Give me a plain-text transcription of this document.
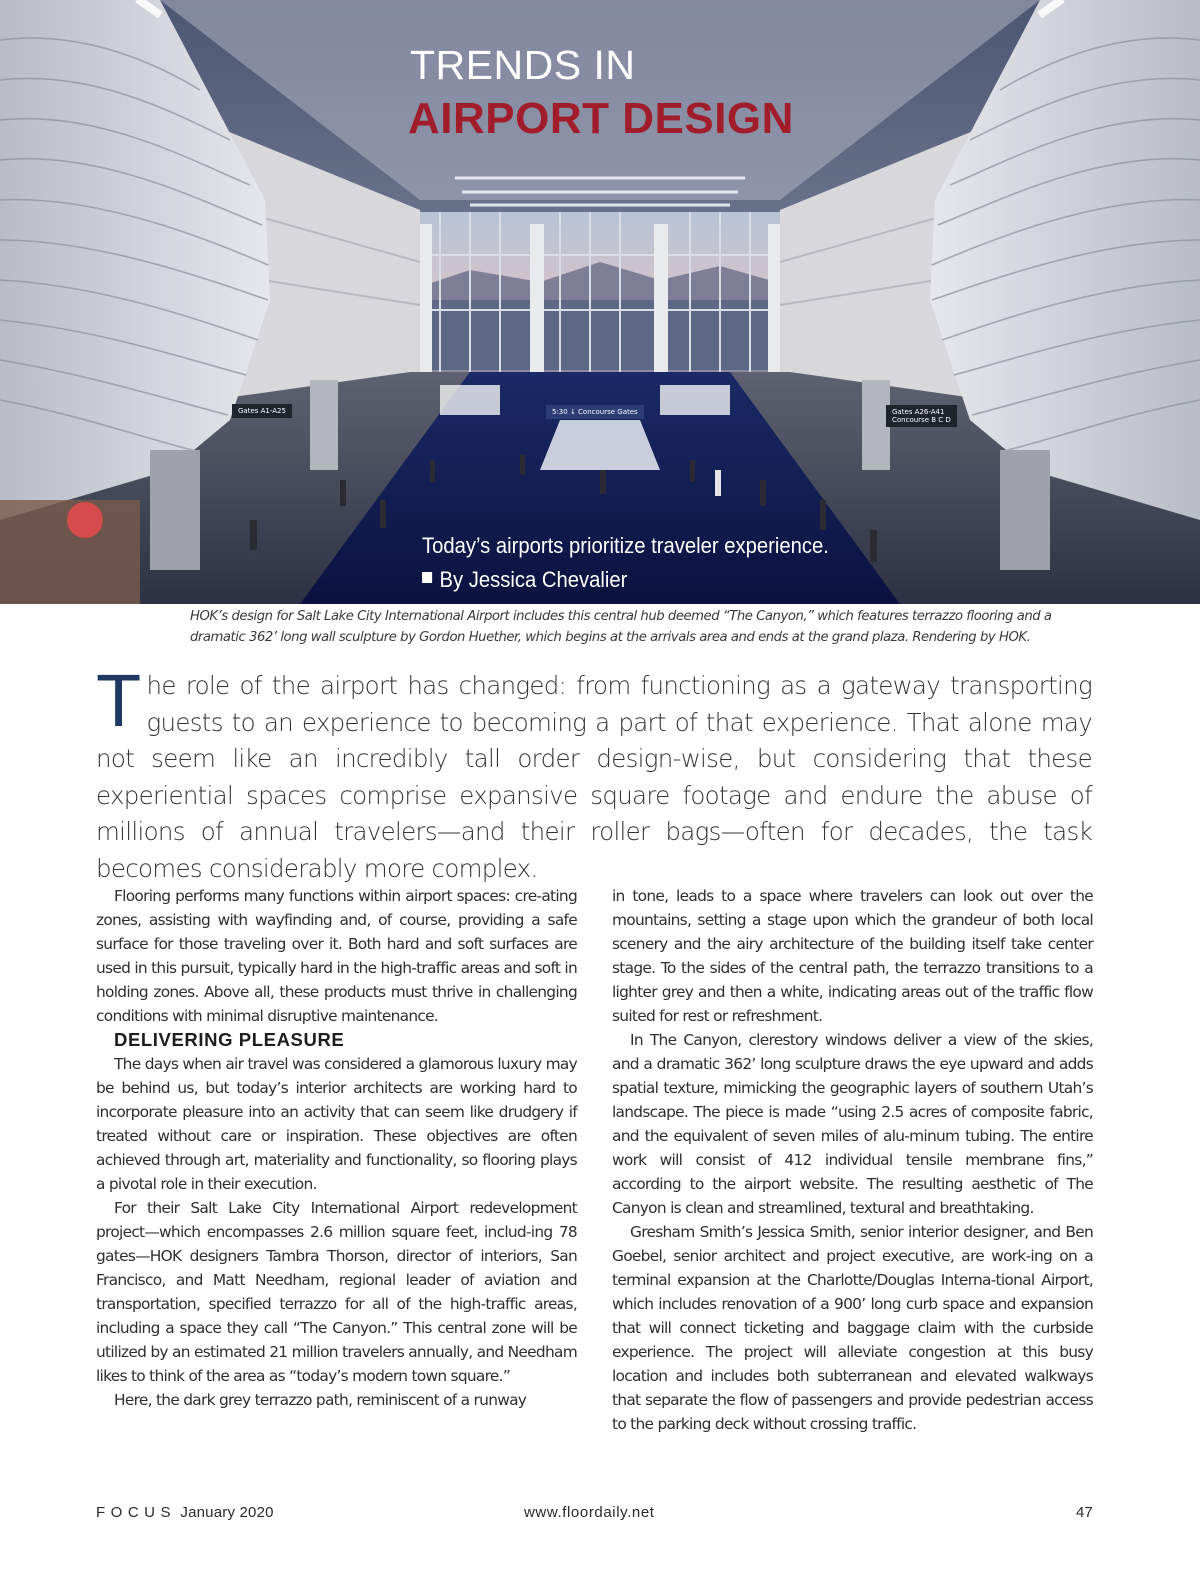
Gates A1-A25	Gates A26-A41
Concourse B C D
5:30 ↓ Concourse Gates
TRENDS IN
AIRPORT DESIGN
Today’s airports prioritize traveler experience.
By Jessica Chevalier
HOK’s design for Salt Lake City International Airport includes this central hub deemed “The Canyon,” which features terrazzo flooring and a dramatic 362’ long wall sculpture by Gordon Huether, which begins at the arrivals area and ends at the grand plaza. Rendering by HOK.
The role of the airport has changed: from functioning as a gateway transporting guests to an experience to becoming a part of that experience. That alone may not seem like an incredibly tall order design-wise, but considering that these experiential spaces comprise expansive square footage and endure the abuse of millions of annual travelers—and their roller bags—often for decades, the task becomes considerably more complex.

Flooring performs many functions within airport spaces: cre-ating zones, assisting with wayfinding and, of course, providing a safe surface for those traveling over it. Both hard and soft surfaces are used in this pursuit, typically hard in the high-traffic areas and soft in holding zones. Above all, these products must thrive in challenging conditions with minimal disruptive maintenance.

DELIVERING PLEASURE

The days when air travel was considered a glamorous luxury may be behind us, but today’s interior architects are working hard to incorporate pleasure into an activity that can seem like drudgery if treated without care or inspiration. These objectives are often achieved through art, materiality and functionality, so flooring plays a pivotal role in their execution.

For their Salt Lake City International Airport redevelopment project—which encompasses 2.6 million square feet, includ-ing 78 gates—HOK designers Tambra Thorson, director of interiors, San Francisco, and Matt Needham, regional leader of aviation and transportation, specified terrazzo for all of the high-traffic areas, including a space they call “The Canyon.” This central zone will be utilized by an estimated 21 million travelers annually, and Needham likes to think of the area as “today’s modern town square.”

Here, the dark grey terrazzo path, reminiscent of a runway

in tone, leads to a space where travelers can look out over the mountains, setting a stage upon which the grandeur of both local scenery and the airy architecture of the building itself take center stage. To the sides of the central path, the terrazzo transitions to a lighter grey and then a white, indicating areas out of the traffic flow suited for rest or refreshment.

In The Canyon, clerestory windows deliver a view of the skies, and a dramatic 362’ long sculpture draws the eye upward and adds spatial texture, mimicking the geographic layers of southern Utah’s landscape. The piece is made “using 2.5 acres of composite fabric, and the equivalent of seven miles of alu-minum tubing. The entire work will consist of 412 individual tensile membrane fins,” according to the airport website. The resulting aesthetic of The Canyon is clean and streamlined, textural and breathtaking.

Gresham Smith’s Jessica Smith, senior interior designer, and Ben Goebel, senior architect and project executive, are work-ing on a terminal expansion at the Charlotte/Douglas Interna-tional Airport, which includes renovation of a 900’ long curb space and expansion that will connect ticketing and baggage claim with the curbside experience. The project will alleviate congestion at this busy location and includes both subterranean and elevated walkways that separate the flow of passengers and provide pedestrian access to the parking deck without crossing traffic.

FOCUS January 2020	www.floordaily.net	47
